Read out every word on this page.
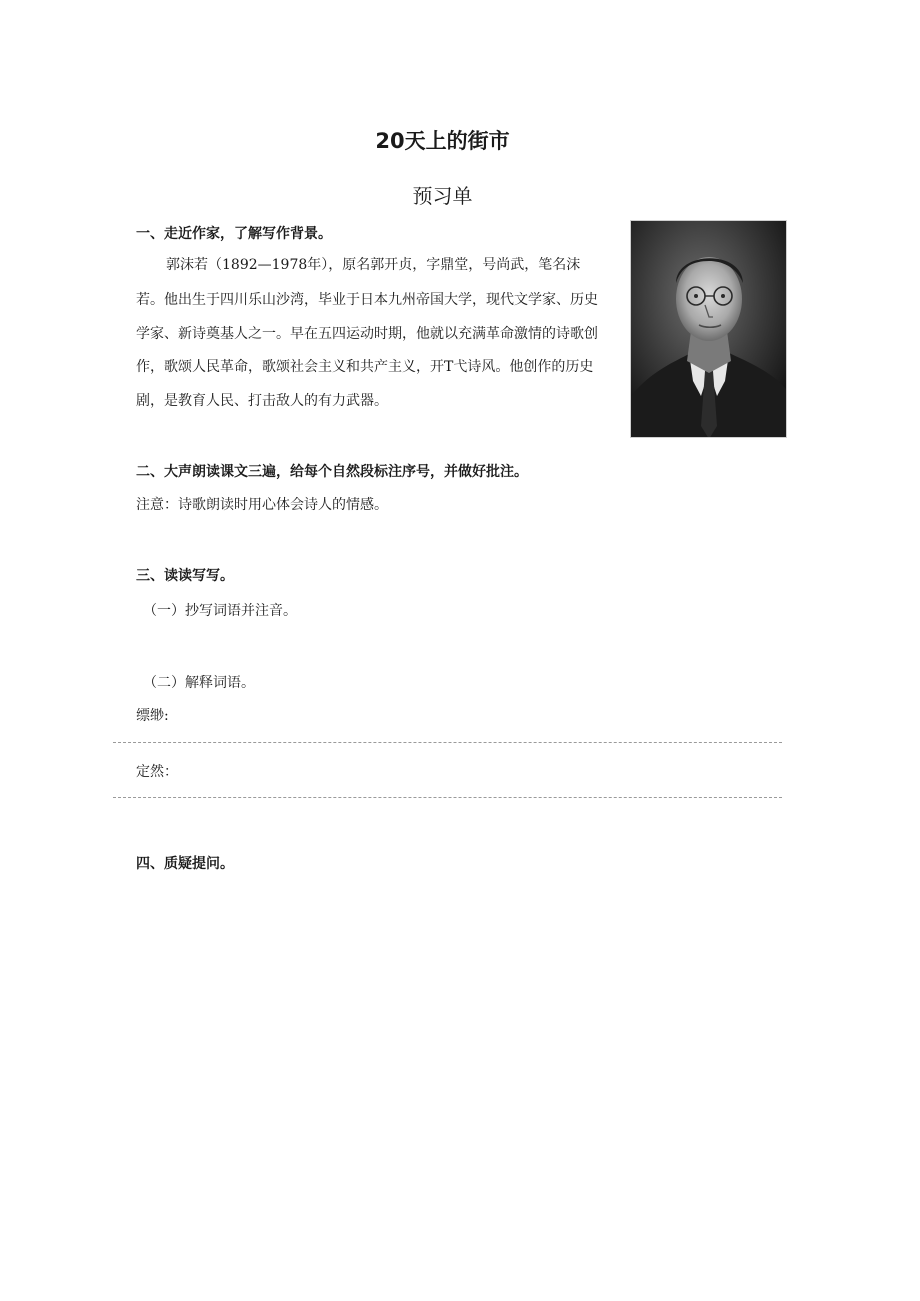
20天上的街市
预习单
一、走近作家，了解写作背景。
郭沫若（1892—1978年），原名郭开贞，字鼎堂，号尚武，笔名沫
若。他出生于四川乐山沙湾，毕业于日本九州帝国大学，现代文学家、历史
学家、新诗奠基人之一。早在五四运动时期，他就以充满革命激情的诗歌创
作，歌颂人民革命，歌颂社会主义和共产主义，开T弋诗风。他创作的历史
剧，是教育人民、打击敌人的有力武器。
二、大声朗读课文三遍，给每个自然段标注序号，并做好批注。
注意：诗歌朗读时用心体会诗人的情感。
三、读读写写。
（一）抄写词语并注音。
（二）解释词语。
缥缈:
定然：
四、质疑提问。
